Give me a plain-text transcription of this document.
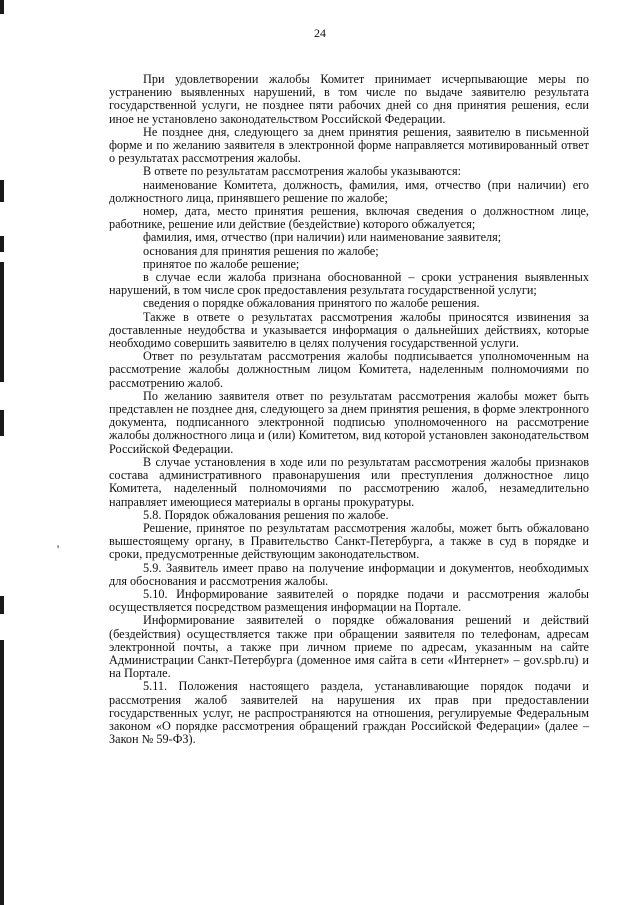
24
'

При удовлетворении жалобы Комитет принимает исчерпывающие меры по устранению выявленных нарушений, в том числе по выдаче заявителю результата государственной услуги, не позднее пяти рабочих дней со дня принятия решения, если иное не установлено законодательством Российской Федерации.

Не позднее дня, следующего за днем принятия решения, заявителю в письменной форме и по желанию заявителя в электронной форме направляется мотивированный ответ о результатах рассмотрения жалобы.

В ответе по результатам рассмотрения жалобы указываются:

наименование Комитета, должность, фамилия, имя, отчество (при наличии) его должностного лица, принявшего решение по жалобе;

номер, дата, место принятия решения, включая сведения о должностном лице, работнике, решение или действие (бездействие) которого обжалуется;

фамилия, имя, отчество (при наличии) или наименование заявителя;

основания для принятия решения по жалобе;

принятое по жалобе решение;

в случае если жалоба признана обоснованной – сроки устранения выявленных нарушений, в том числе срок предоставления результата государственной услуги;

сведения о порядке обжалования принятого по жалобе решения.

Также в ответе о результатах рассмотрения жалобы приносятся извинения за доставленные неудобства и указывается информация о дальнейших действиях, которые необходимо совершить заявителю в целях получения государственной услуги.

Ответ по результатам рассмотрения жалобы подписывается уполномоченным на рассмотрение жалобы должностным лицом Комитета, наделенным полномочиями по рассмотрению жалоб.

По желанию заявителя ответ по результатам рассмотрения жалобы может быть представлен не позднее дня, следующего за днем принятия решения, в форме электронного документа, подписанного электронной подписью уполномоченного на рассмотрение жалобы должностного лица и (или) Комитетом, вид которой установлен законодательством Российской Федерации.

В случае установления в ходе или по результатам рассмотрения жалобы признаков состава административного правонарушения или преступления должностное лицо Комитета, наделенный полномочиями по рассмотрению жалоб, незамедлительно направляет имеющиеся материалы в органы прокуратуры.

5.8. Порядок обжалования решения по жалобе.

Решение, принятое по результатам рассмотрения жалобы, может быть обжаловано вышестоящему органу, в Правительство Санкт-Петербурга, а также в суд в порядке и сроки, предусмотренные действующим законодательством.

5.9. Заявитель имеет право на получение информации и документов, необходимых для обоснования и рассмотрения жалобы.

5.10. Информирование заявителей о порядке подачи и рассмотрения жалобы осуществляется посредством размещения информации на Портале.

Информирование заявителей о порядке обжалования решений и действий (бездействия) осуществляется также при обращении заявителя по телефонам, адресам электронной почты, а также при личном приеме по адресам, указанным на сайте Администрации Санкт-Петербурга (доменное имя сайта в сети «Интернет» – gov.spb.ru) и на Портале.

5.11. Положения настоящего раздела, устанавливающие порядок подачи и рассмотрения жалоб заявителей на нарушения их прав при предоставлении государственных услуг, не распространяются на отношения, регулируемые Федеральным законом «О порядке рассмотрения обращений граждан Российской Федерации» (далее – Закон № 59-ФЗ).
